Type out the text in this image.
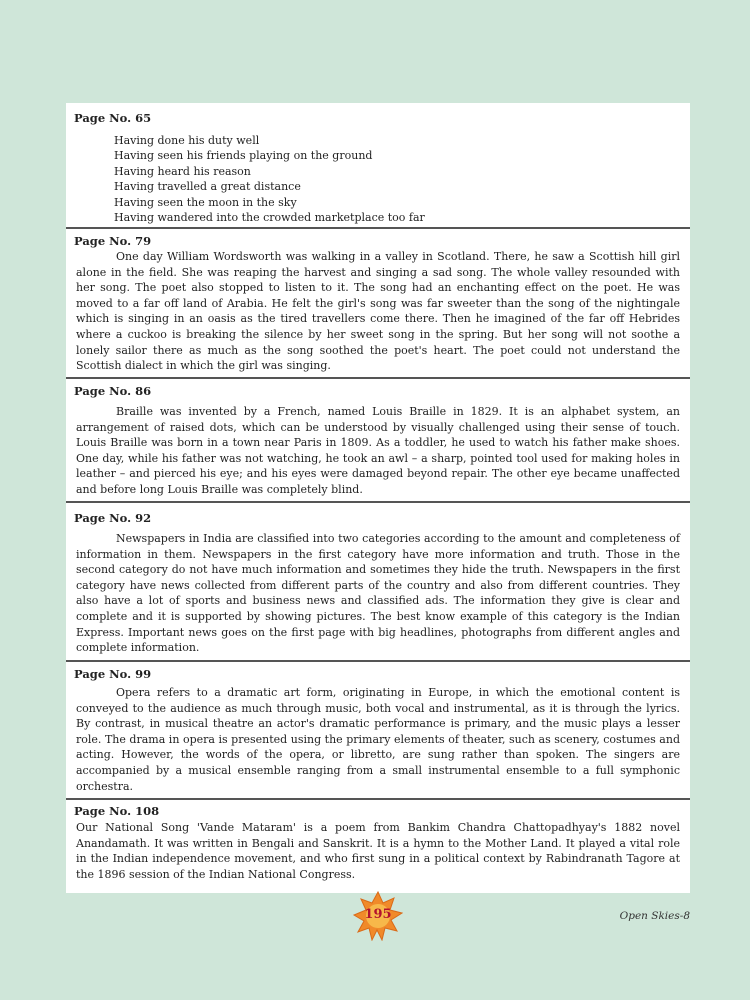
Page No. 65
Having done his duty well
Having seen his friends playing on the ground
Having heard his reason
Having travelled a great distance
Having seen the moon in the sky
Having wandered into the crowded marketplace too far
Page No. 79

One day William Wordsworth was walking in a valley in Scotland. There, he saw a Scottish hill girl alone in the field. She was reaping the harvest and singing a sad song. The whole valley resounded with her song. The poet also stopped to listen to it. The song had an enchanting effect on the poet. He was moved to a far off land of Arabia. He felt the girl's song was far sweeter than the song of the nightingale which is singing in an oasis as the tired travellers come there. Then he imagined of the far off Hebrides where a cuckoo is breaking the silence by her sweet song in the spring. But her song will not soothe a lonely sailor there as much as the song soothed the poet's heart. The poet could not understand the Scottish dialect in which the girl was singing.

Page No. 86

Braille was invented by a French, named Louis Braille in 1829. It is an alphabet system, an arrangement of raised dots, which can be understood by visually challenged using their sense of touch. Louis Braille was born in a town near Paris in 1809. As a toddler, he used to watch his father make shoes. One day, while his father was not watching, he took an awl – a sharp, pointed tool used for making holes in leather – and pierced his eye; and his eyes were damaged beyond repair. The other eye became unaffected and before long Louis Braille was completely blind.

Page No. 92

Newspapers in India are classified into two categories according to the amount and completeness of information in them. Newspapers in the first category have more information and truth. Those in the second category do not have much information and sometimes they hide the truth. Newspapers in the first category have news collected from different parts of the country and also from different countries. They also have a lot of sports and business news and classified ads. The information they give is clear and complete and it is supported by showing pictures. The best know example of this category is the Indian Express. Important news goes on the first page with big headlines, photographs from different angles and complete information.

Page No. 99

Opera refers to a dramatic art form, originating in Europe, in which the emotional content is conveyed to the audience as much through music, both vocal and instrumental, as it is through the lyrics. By contrast, in musical theatre an actor's dramatic performance is primary, and the music plays a lesser role. The drama in opera is presented using the primary elements of theater, such as scenery, costumes and acting. However, the words of the opera, or libretto, are sung rather than spoken. The singers are accompanied by a musical ensemble ranging from a small instrumental ensemble to a full symphonic orchestra.

Page No. 108

Our National Song 'Vande Mataram' is a poem from Bankim Chandra Chattopadhyay's 1882 novel Anandamath. It was written in Bengali and Sanskrit. It is a hymn to the Mother Land. It played a vital role in the Indian independence movement, and who first sung in a political context by Rabindranath Tagore at the 1896 session of the Indian National Congress.

195	Open Skies-8
